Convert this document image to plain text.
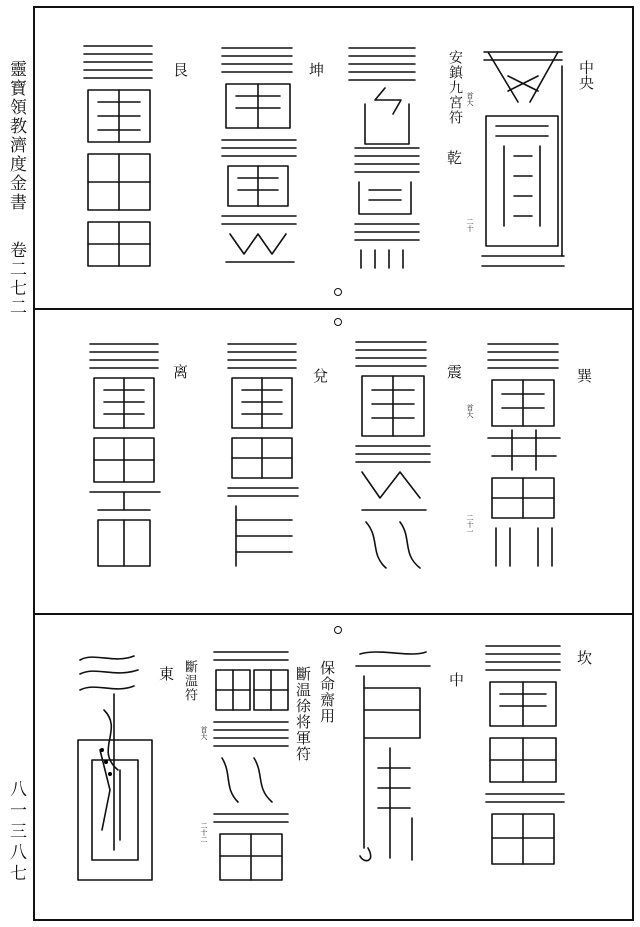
靈寶領教濟度金書  卷二七二
八一三八七
中央
安鎮九宮符
乾
坤
艮
首大
二十
巽
震
兌
离
首大
二十一
坎
中
保命齋用
斷温徐将軍符
東 斷温符
首大
二十二
